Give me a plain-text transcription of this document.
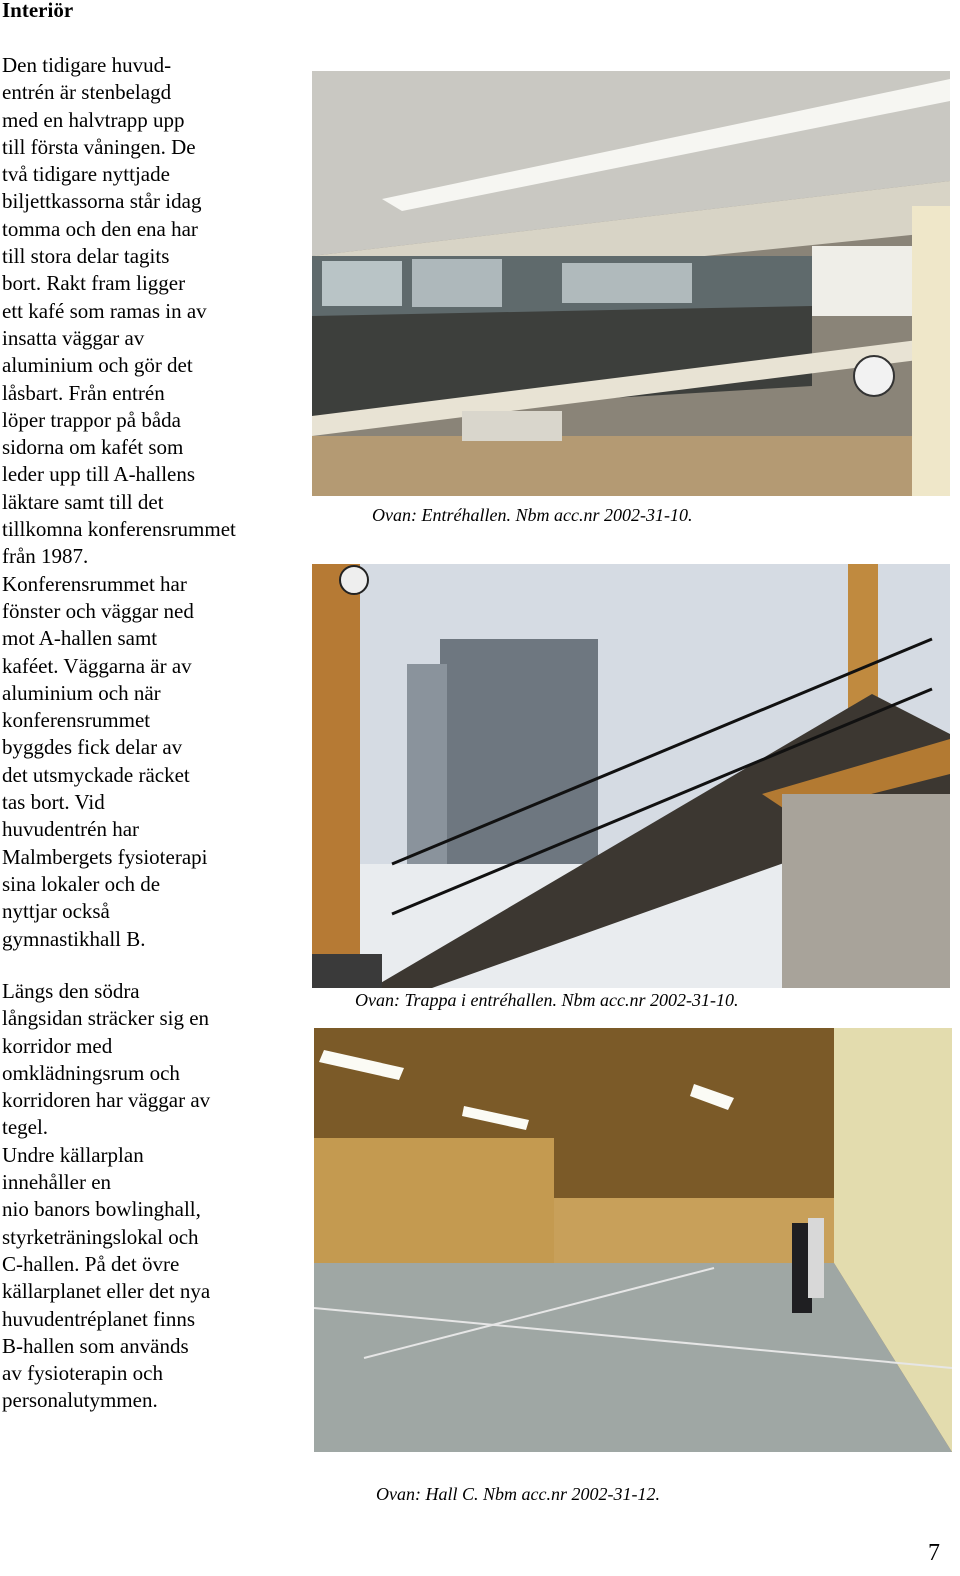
Interiör

Den tidigare huvud-

entrén är stenbelagd

med en halvtrapp upp

till första våningen. De

två tidigare nyttjade

biljettkassorna står idag

tomma och den ena har

till stora delar tagits

bort. Rakt fram ligger

ett kafé som ramas in av

insatta väggar av

aluminium och gör det

låsbart. Från entrén

löper trappor på båda

sidorna om kafét som

leder upp till A-hallens

läktare samt till det

tillkomna konferensrummet

från 1987.

Konferensrummet har

fönster och väggar ned

mot A-hallen samt

kaféet. Väggarna är av

aluminium och när

konferensrummet

byggdes fick delar av

det utsmyckade räcket

tas bort. Vid

huvudentrén har

Malmbergets fysioterapi

sina lokaler och de

nyttjar också

gymnastikhall B.

Längs den södra

långsidan sträcker sig en

korridor med

omklädningsrum och

korridoren har väggar av

tegel.

Undre källarplan

innehåller en

nio banors bowlinghall,

styrketräningslokal och

C-hallen. På det övre

källarplanet eller det nya

huvudentréplanet finns

B-hallen som används

av fysioterapin och

personalutymmen.

Ovan: Entréhallen. Nbm acc.nr 2002-31-10.
Ovan: Trappa i entréhallen. Nbm acc.nr 2002-31-10.
Ovan: Hall C. Nbm acc.nr 2002-31-12.
7
